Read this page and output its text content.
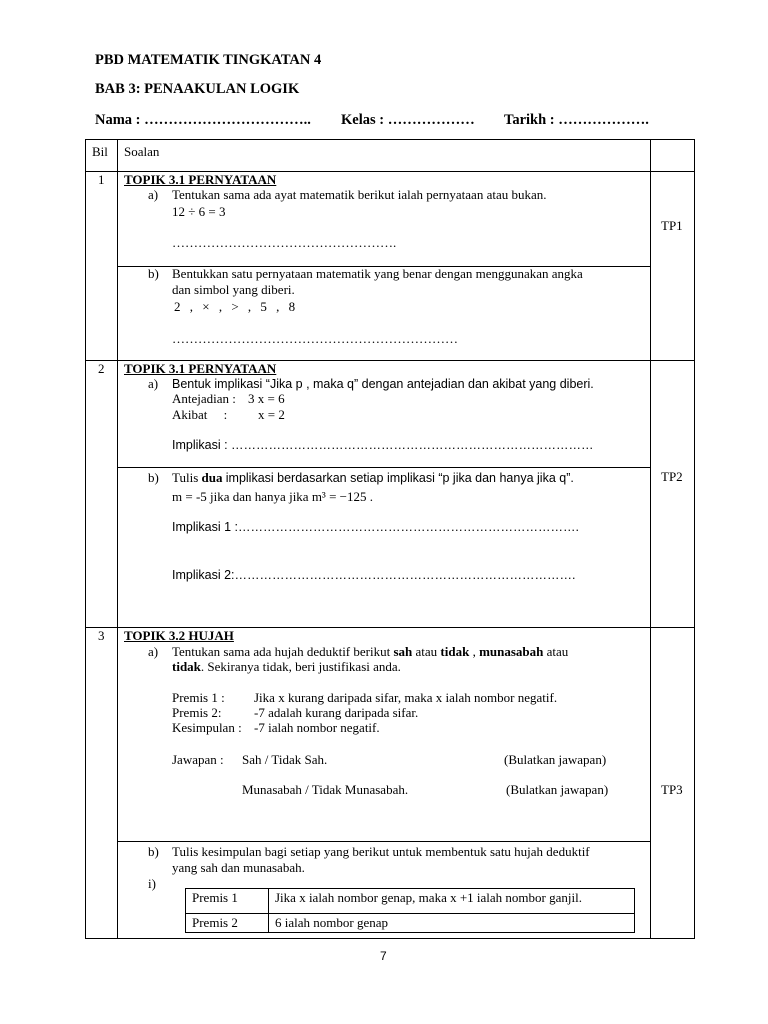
PBD MATEMATIK TINGKATAN 4
BAB 3: PENAAKULAN LOGIK
Nama : …………………………….. Kelas : ……………… Tarikh : ……………….
Bil Soalan
1 TOPIK 3.1 PERNYATAAN
a) Tentukan sama ada ayat matematik berikut ialah pernyataan atau bukan.
12 ÷ 6 = 3
…………………………………………….
b) Bentukkan satu pernyataan matematik yang benar dengan menggunakan angka
dan simbol yang diberi.
2 , × , > , 5 , 8
…………………………………………………………
TP1
2 TOPIK 3.1 PERNYATAAN
a) Bentuk implikasi “Jika p , maka q” dengan antejadian dan akibat yang diberi.
Antejadian : 3 x = 6
Akibat     : x = 2
Implikasi : ……………………………………………………………………………
b) Tulis dua implikasi berdasarkan setiap implikasi “p jika dan hanya jika q”.
m = -5 jika dan hanya jika m³ = −125 .
Implikasi 1 :……………………………………………………………………….
Implikasi 2:……………………………………………………………………….
TP2
3 TOPIK 3.2 HUJAH
a) Tentukan sama ada hujah deduktif berikut sah atau tidak , munasabah atau
tidak. Sekiranya tidak, beri justifikasi anda.
Premis 1 : Jika x kurang daripada sifar, maka x ialah nombor negatif.
Premis 2:	-7 adalah kurang daripada sifar.
Kesimpulan : -7 ialah nombor negatif.
Jawapan : Sah / Tidak Sah.	(Bulatkan jawapan)
Munasabah / Tidak Munasabah.	(Bulatkan jawapan)
b) Tulis kesimpulan bagi setiap yang berikut untuk membentuk satu hujah deduktif
yang sah dan munasabah.
i)
Premis 1	Jika x ialah nombor genap, maka x +1 ialah nombor ganjil.
Premis 2	6 ialah nombor genap
TP3
7
